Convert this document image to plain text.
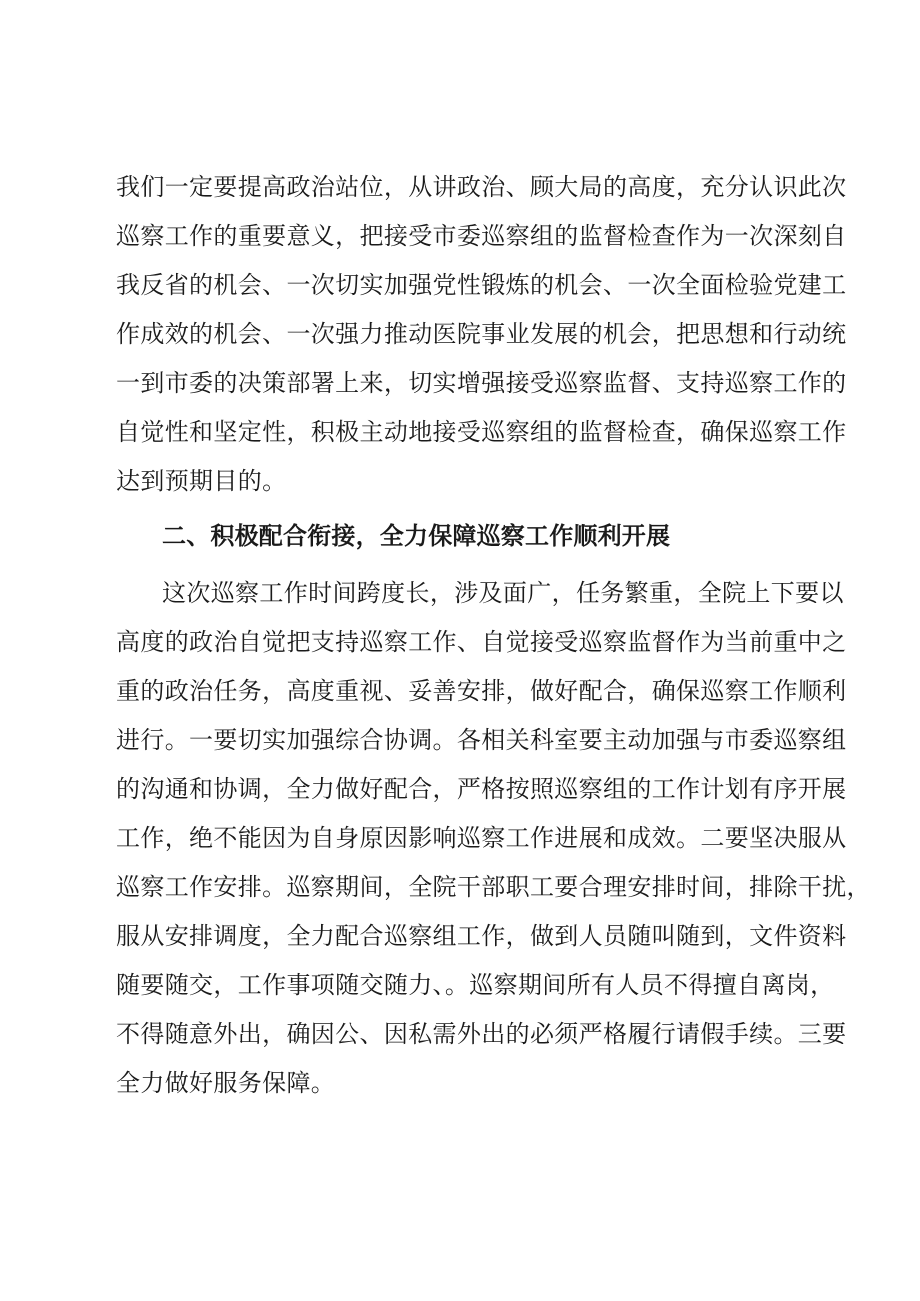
我们一定要提高政治站位，从讲政治、顾大局的高度，充分认识此次
巡察工作的重要意义，把接受市委巡察组的监督检查作为一次深刻自
我反省的机会、一次切实加强党性锻炼的机会、一次全面检验党建工
作成效的机会、一次强力推动医院事业发展的机会，把思想和行动统
一到市委的决策部署上来，切实增强接受巡察监督、支持巡察工作的
自觉性和坚定性，积极主动地接受巡察组的监督检查，确保巡察工作
达到预期目的。
二、积极配合衔接，全力保障巡察工作顺利开展
这次巡察工作时间跨度长，涉及面广，任务繁重，全院上下要以
高度的政治自觉把支持巡察工作、自觉接受巡察监督作为当前重中之
重的政治任务，高度重视、妥善安排，做好配合，确保巡察工作顺利
进行。一要切实加强综合协调。各相关科室要主动加强与市委巡察组
的沟通和协调，全力做好配合，严格按照巡察组的工作计划有序开展
工作，绝不能因为自身原因影响巡察工作进展和成效。二要坚决服从
巡察工作安排。巡察期间，全院干部职工要合理安排时间，排除干扰，
服从安排调度，全力配合巡察组工作，做到人员随叫随到，文件资料
随要随交，工作事项随交随力、。巡察期间所有人员不得擅自离岗，
不得随意外出，确因公、因私需外出的必须严格履行请假手续。三要
全力做好服务保障。
